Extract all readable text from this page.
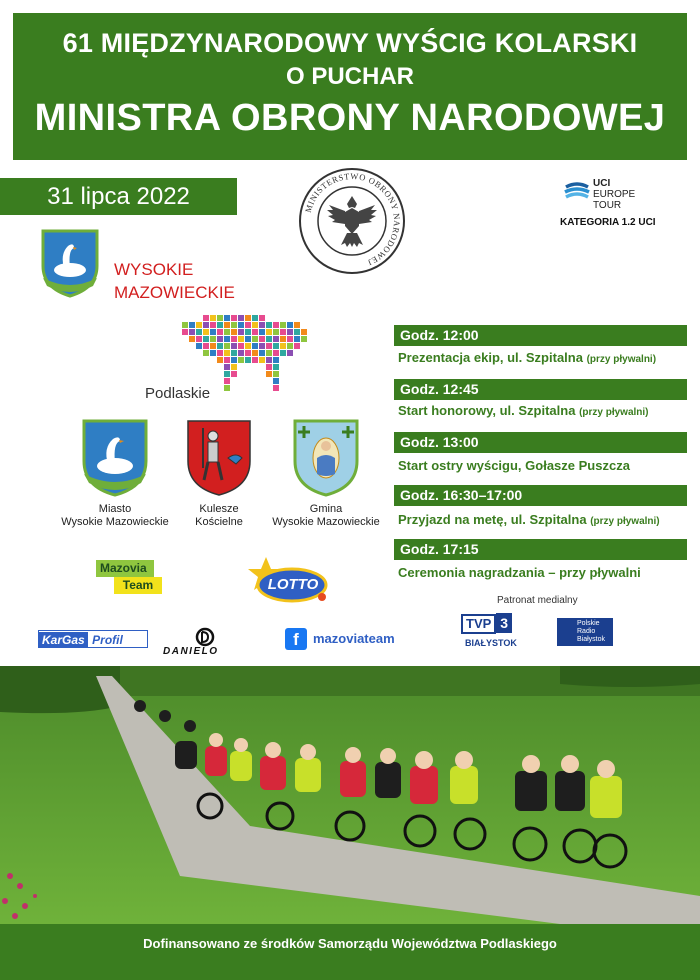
61 MIĘDZYNARODOWY WYŚCIG KOLARSKI
O PUCHAR
MINISTRA OBRONY NARODOWEJ
31 lipca 2022	MINISTERSTWO OBRONY NARODOWEJ
UCI
EUROPE
TOUR
KATEGORIA 1.2 UCI
WYSOKIE
MAZOWIECKIE
Podlaskie
Miasto
Wysokie Mazowieckie
Kulesze
Kościelne
Gmina
Wysokie Mazowieckie
Godz. 12:00
Prezentacja ekip, ul. Szpitalna (przy pływalni)
Godz. 12:45
Start honorowy, ul. Szpitalna (przy pływalni)
Godz. 13:00
Start ostry wyścigu, Gołasze Puszcza
Godz. 16:30–17:00
Przyjazd na metę, ul. Szpitalna (przy pływalni)
Godz. 17:15
Ceremonia nagradzania – przy pływalni
Patronat medialny
Mazovia
Team	LOTTO
KarGas Profil
DANIELO
f	mazoviateam
TVP 3
BIAŁYSTOK
Polskie
Radio
Białystok
Dofinansowano ze środków Samorządu Województwa Podlaskiego
